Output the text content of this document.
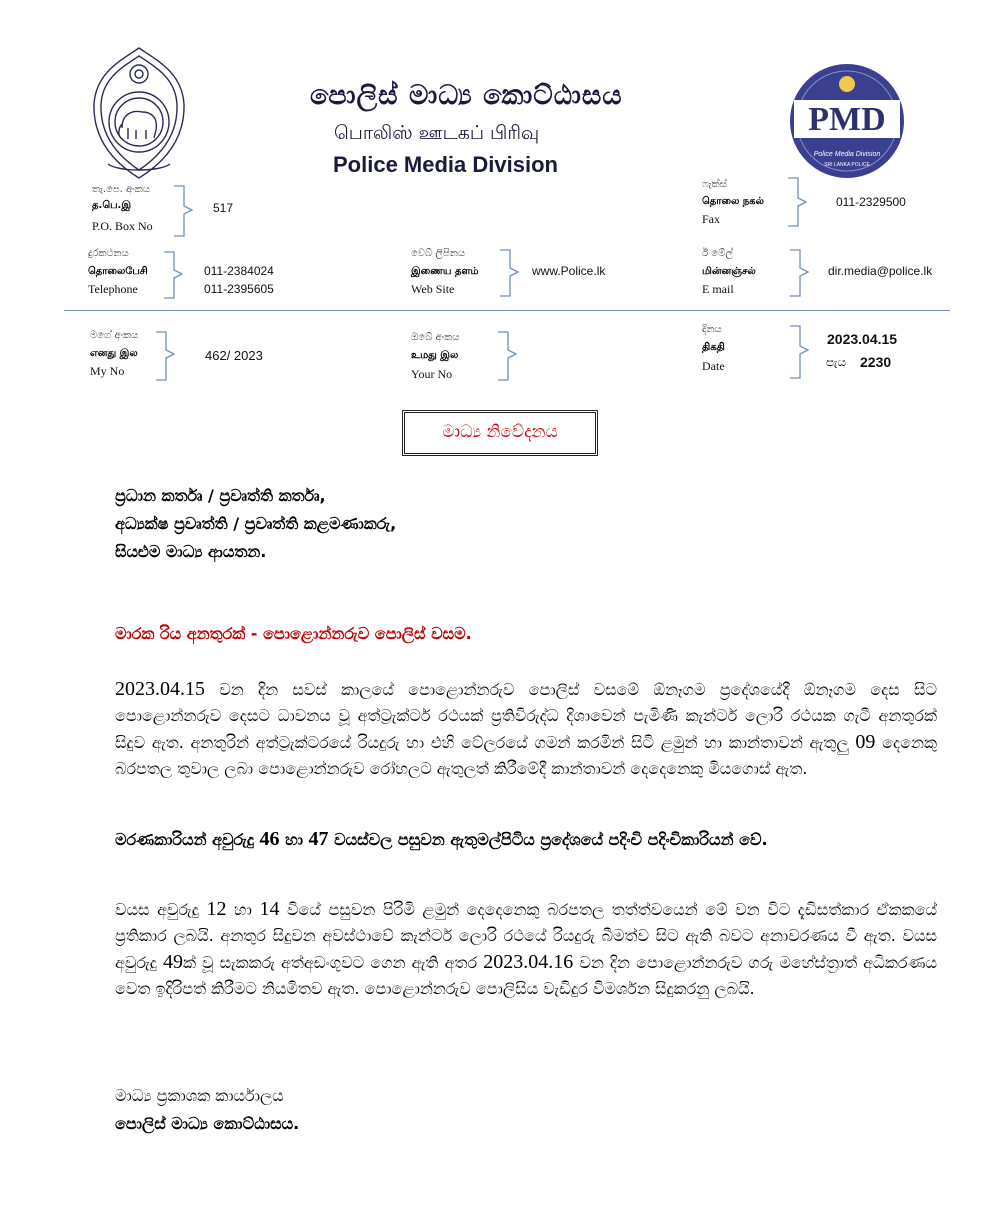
පොලිස් මාධ්‍ය කොට්ඨාසය
பொலிஸ் ஊடகப் பிரிவு
Police Media Division
PMD
Police Media Division
SRI LANKA POLICE
තැ.පෙ. අංකය
த.பெ.இ
P.O. Box No
517
ෆැක්ස්
தொலை நகல்
Fax
011-2329500
දුරකථනය
தொலைபேசி
Telephone
011-2384024
011-2395605
වෙබ් ලිපිනය
இணைய தளம்
Web Site
www.Police.lk
ඊ මේල්
மின்னஞ்சல்
E mail
dir.media@police.lk
මගේ අංකය
எனது இல
My No
462/ 2023
ඔබේ අංකය
உமது இல
Your No
දිනය
திகதி
Date
2023.04.15
පැය 2230
මාධ්‍ය නිවේදනය
ප්‍රධාන කර්තෘ / ප්‍රවෘත්ති කර්තෘ,
අධ්‍යක්ෂ ප්‍රවෘත්ති / ප්‍රවෘත්ති කළමණාකරු,
සියළුම මාධ්‍ය ආයතන.
මාරක රිය අනතුරක් - පොළොන්නරුව පොලිස් වසම.
2023.04.15 වන දින සවස් කාලයේ පොළොන්නරුව පොලිස් වසමේ ඕනෑගම ප්‍රදේශයේදී ඕනෑගම දෙස සිට පොළොන්නරුව දෙසට ධාවනය වූ අත්ට්‍රැක්ටර් රථයක් ප්‍රතිවිරුද්ධ දිශාවෙන් පැමිණි කැන්ටර් ලොරි රථයක ගැටී අනතුරක් සිදුව ඇත. අනතුරින් අත්ට්‍රැක්ටරයේ රියදුරු හා එහි ටේලරයේ ගමන් කරමින් සිටි ළමුන් හා කාන්තාවන් ඇතුලු 09 දෙනෙකු බරපතල තුවාල ලබා පොළොන්නරුව රෝහලට ඇතුලත් කිරීමේදී කාන්තාවන් දෙදෙනෙකු මියගොස් ඇත.
මරණකාරියන් අවුරුදු 46 හා 47 වයස්වල පසුවන ඇතුමල්පිටිය ප්‍රදේශයේ පදිංචි පදිංචිකාරියන් වේ.
වයස අවුරුදු 12 හා 14 වියේ පසුවන පිරිමි ළමුන් දෙදෙනෙකු බරපතල තත්ත්වයෙන් මේ වන විට දැඩිසත්කාර ඒකකයේ ප්‍රතිකාර ලබයි. අනතුර සිදුවන අවස්ථාවේ කැන්ටර් ලොරි රථයේ රියදුරු බීමත්ව සිට ඇති බවට අනාවරණය වී ඇත. වයස අවුරුදු 49ක් වූ සැකකරු අත්අඩංගුවට ගෙන ඇති අතර 2023.04.16 වන දින පොළොන්නරුව ගරු මහේස්ත්‍රාත් අධිකරණය වෙත ඉදිරිපත් කිරීමට නියමිතව ඇත. පොළොන්නරුව පොලිසිය වැඩිදුර විමර්ශන සිදුකරනු ලබයි.
මාධ්‍ය ප්‍රකාශක කාර්යාලය
පොලිස් මාධ්‍ය කොට්ඨාසය.
